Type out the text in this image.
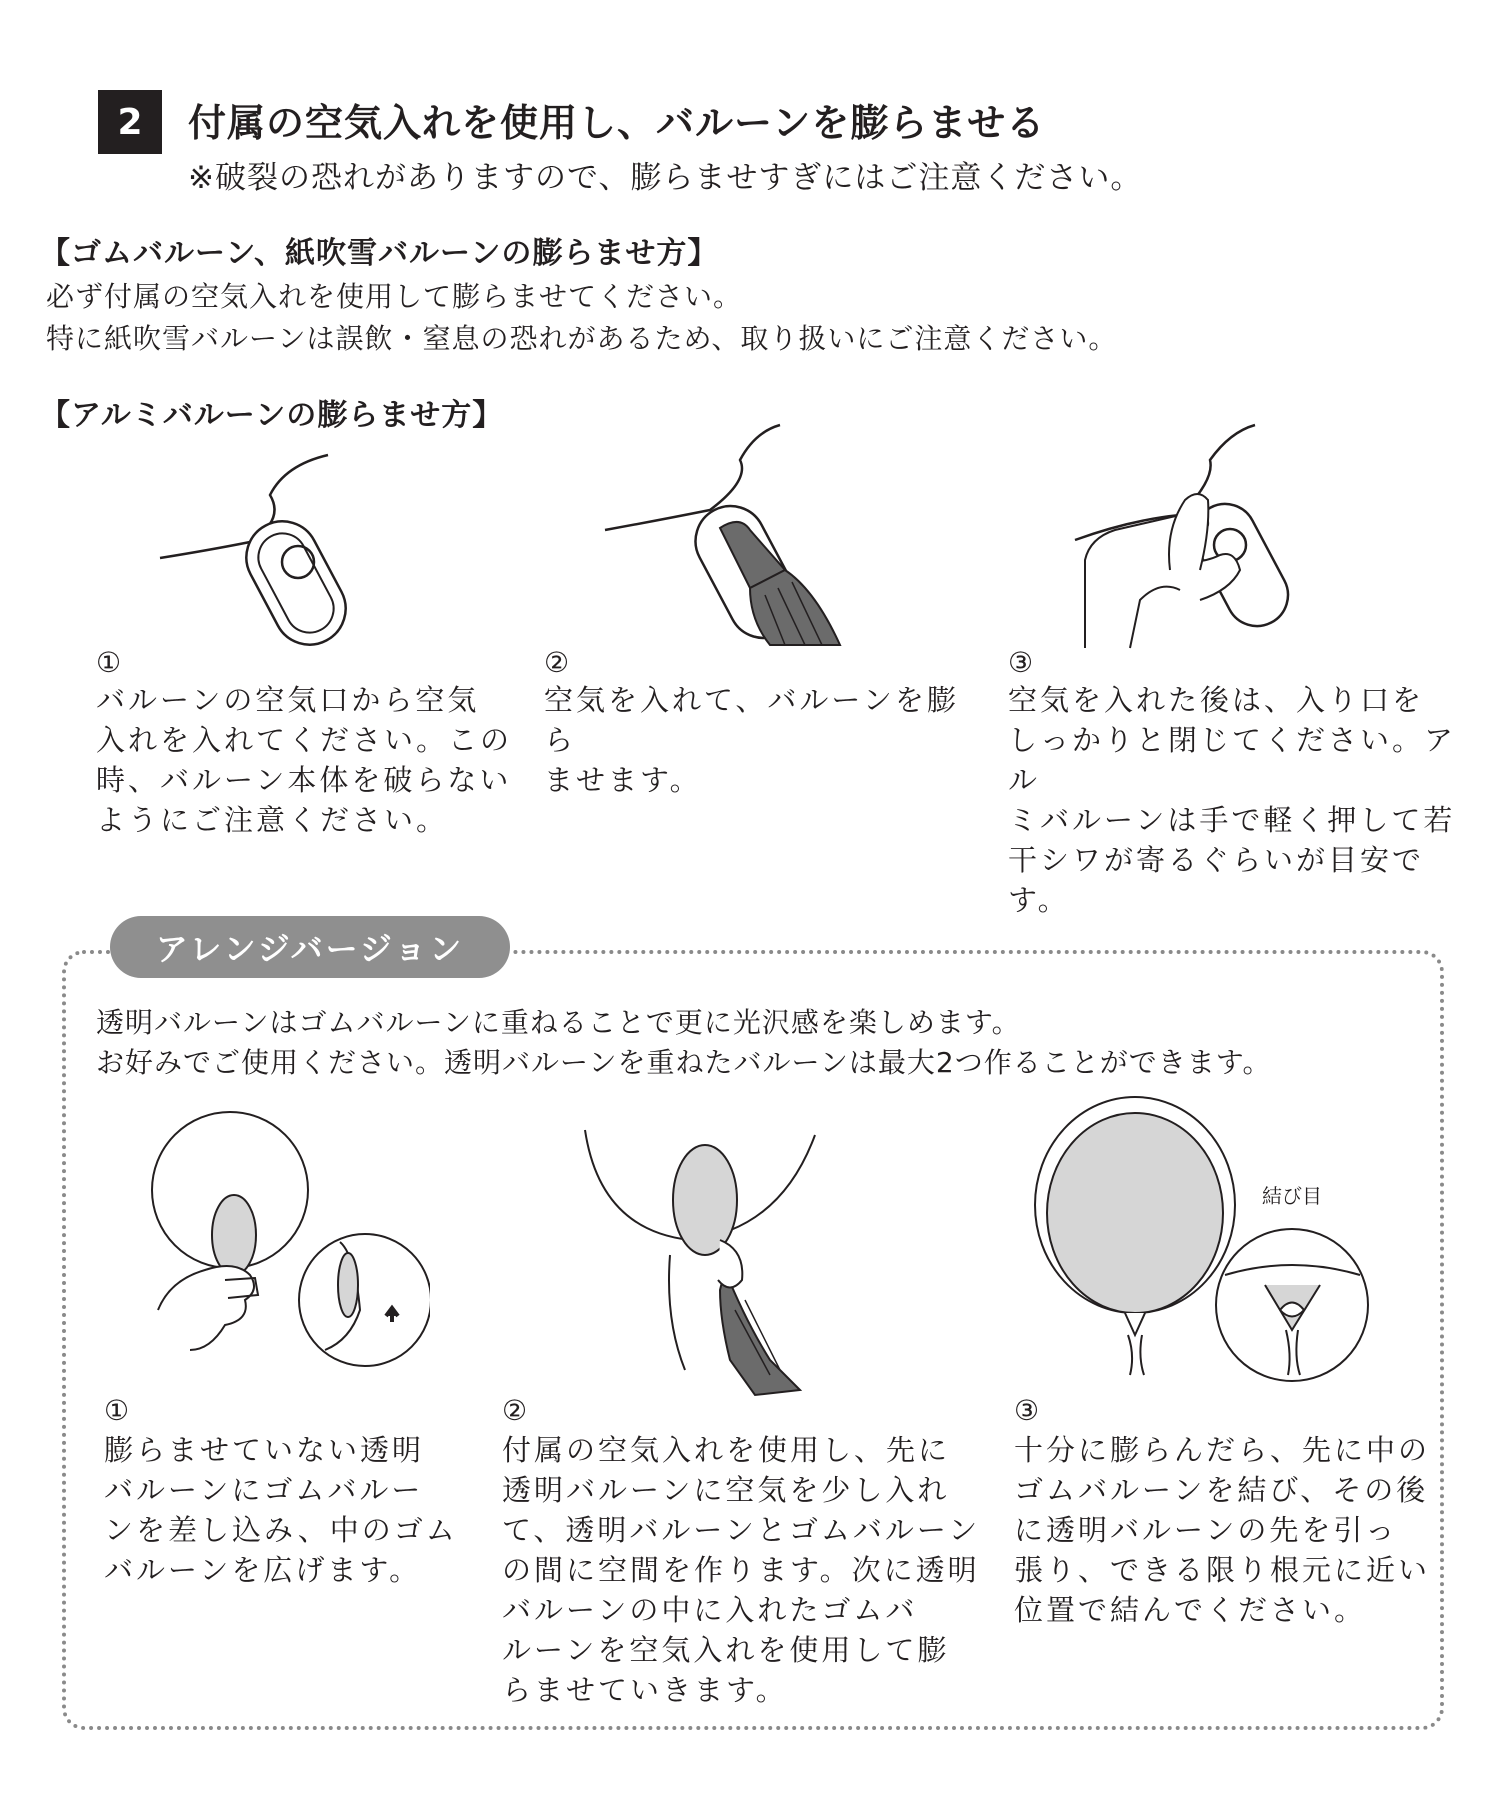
2	付属の空気入れを使用し、バルーンを膨らませる
※破裂の恐れがありますので、膨らませすぎにはご注意ください。
【ゴムバルーン、紙吹雪バルーンの膨らませ方】
必ず付属の空気入れを使用して膨らませてください。
特に紙吹雪バルーンは誤飲・窒息の恐れがあるため、取り扱いにご注意ください。
【アルミバルーンの膨らませ方】
①
バルーンの空気口から空気
入れを入れてください。この
時、バルーン本体を破らない
ようにご注意ください。
②
空気を入れて、バルーンを膨ら
ませます。
③
空気を入れた後は、入り口を
しっかりと閉じてください。アル
ミバルーンは手で軽く押して若
干シワが寄るぐらいが目安で
す。
アレンジバージョン
透明バルーンはゴムバルーンに重ねることで更に光沢感を楽しめます。
お好みでご使用ください。透明バルーンを重ねたバルーンは最大2つ作ることができます。
結び目
①
膨らませていない透明
バルーンにゴムバルー
ンを差し込み、中のゴム
バルーンを広げます。
②
付属の空気入れを使用し、先に
透明バルーンに空気を少し入れ
て、透明バルーンとゴムバルーン
の間に空間を作ります。次に透明
バルーンの中に入れたゴムバ
ルーンを空気入れを使用して膨
らませていきます。
③
十分に膨らんだら、先に中の
ゴムバルーンを結び、その後
に透明バルーンの先を引っ
張り、できる限り根元に近い
位置で結んでください。
